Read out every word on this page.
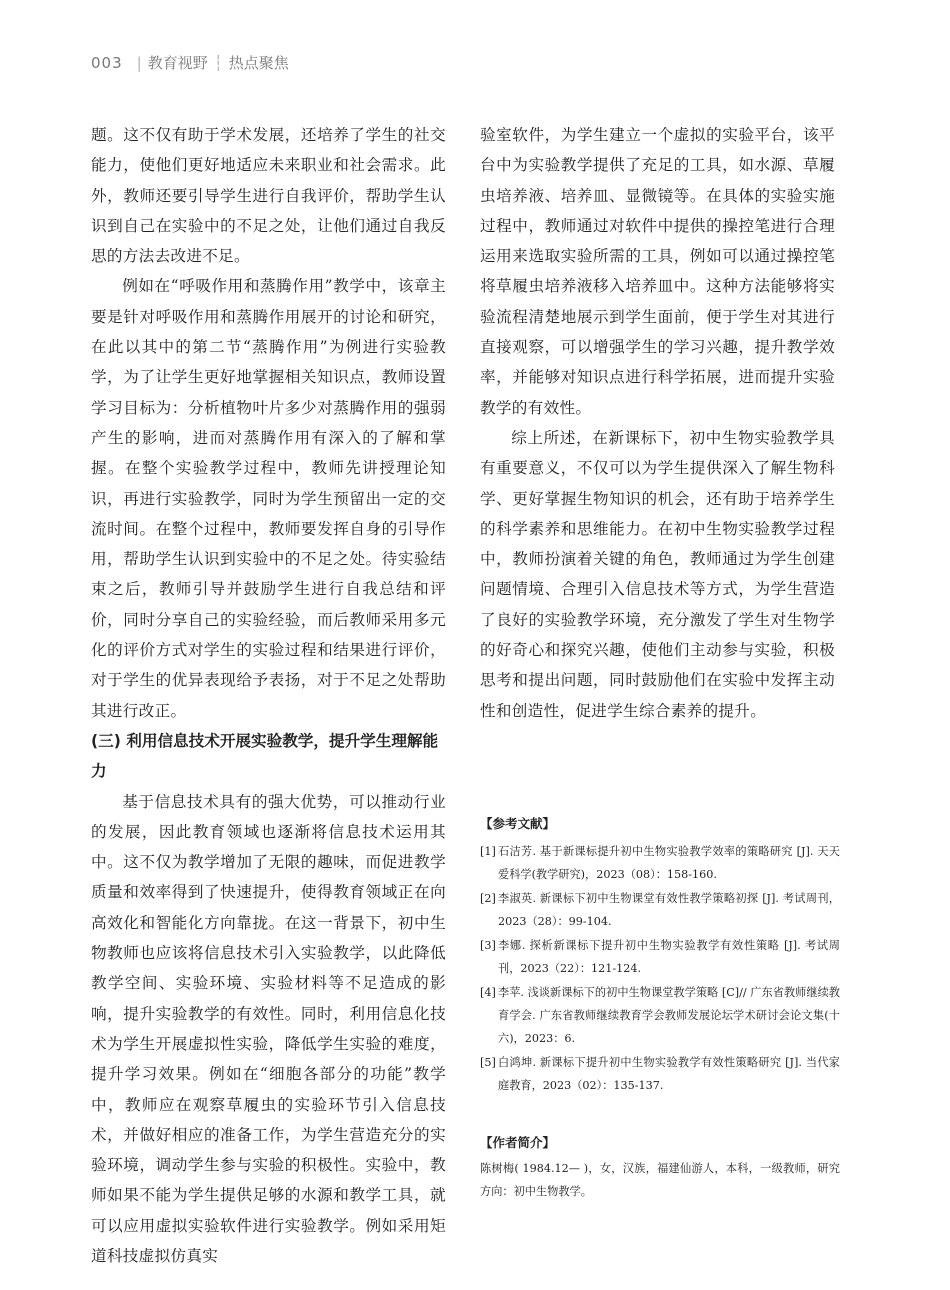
003 | 教育视野 ┆ 热点聚焦

题。这不仅有助于学术发展，还培养了学生的社交能力，使他们更好地适应未来职业和社会需求。此外，教师还要引导学生进行自我评价，帮助学生认识到自己在实验中的不足之处，让他们通过自我反思的方法去改进不足。

例如在“呼吸作用和蒸腾作用”教学中，该章主要是针对呼吸作用和蒸腾作用展开的讨论和研究，在此以其中的第二节“蒸腾作用”为例进行实验教学，为了让学生更好地掌握相关知识点，教师设置学习目标为：分析植物叶片多少对蒸腾作用的强弱产生的影响，进而对蒸腾作用有深入的了解和掌握。在整个实验教学过程中，教师先讲授理论知识，再进行实验教学，同时为学生预留出一定的交流时间。在整个过程中，教师要发挥自身的引导作用，帮助学生认识到实验中的不足之处。待实验结束之后，教师引导并鼓励学生进行自我总结和评价，同时分享自己的实验经验，而后教师采用多元化的评价方式对学生的实验过程和结果进行评价，对于学生的优异表现给予表扬，对于不足之处帮助其进行改正。

(三) 利用信息技术开展实验教学，提升学生理解能力

基于信息技术具有的强大优势，可以推动行业的发展，因此教育领域也逐渐将信息技术运用其中。这不仅为教学增加了无限的趣味，而促进教学质量和效率得到了快速提升，使得教育领域正在向高效化和智能化方向靠拢。在这一背景下，初中生物教师也应该将信息技术引入实验教学，以此降低教学空间、实验环境、实验材料等不足造成的影响，提升实验教学的有效性。同时，利用信息化技术为学生开展虚拟性实验，降低学生实验的难度，提升学习效果。例如在“细胞各部分的功能”教学中，教师应在观察草履虫的实验环节引入信息技术，并做好相应的准备工作，为学生营造充分的实验环境，调动学生参与实验的积极性。实验中，教师如果不能为学生提供足够的水源和教学工具，就可以应用虚拟实验软件进行实验教学。例如采用矩道科技虚拟仿真实

验室软件，为学生建立一个虚拟的实验平台，该平台中为实验教学提供了充足的工具，如水源、草履虫培养液、培养皿、显微镜等。在具体的实验实施过程中，教师通过对软件中提供的操控笔进行合理运用来选取实验所需的工具，例如可以通过操控笔将草履虫培养液移入培养皿中。这种方法能够将实验流程清楚地展示到学生面前，便于学生对其进行直接观察，可以增强学生的学习兴趣，提升教学效率，并能够对知识点进行科学拓展，进而提升实验教学的有效性。

综上所述，在新课标下，初中生物实验教学具有重要意义，不仅可以为学生提供深入了解生物科学、更好掌握生物知识的机会，还有助于培养学生的科学素养和思维能力。在初中生物实验教学过程中，教师扮演着关键的角色，教师通过为学生创建问题情境、合理引入信息技术等方式，为学生营造了良好的实验教学环境，充分激发了学生对生物学的好奇心和探究兴趣，使他们主动参与实验，积极思考和提出问题，同时鼓励他们在实验中发挥主动性和创造性，促进学生综合素养的提升。

【参考文献】
[1] 石洁芳. 基于新课标提升初中生物实验教学效率的策略研究 [J]. 天天爱科学(教学研究)，2023（08）：158-160.
[2] 李淑英. 新课标下初中生物课堂有效性教学策略初探 [J]. 考试周刊，2023（28）：99-104.
[3] 李娜. 探析新课标下提升初中生物实验教学有效性策略 [J]. 考试周刊，2023（22）：121-124.
[4] 李苹. 浅谈新课标下的初中生物课堂教学策略 [C]// 广东省教师继续教育学会. 广东省教师继续教育学会教师发展论坛学术研讨会论文集(十六)，2023：6.
[5] 白鸿坤. 新课标下提升初中生物实验教学有效性策略研究 [J]. 当代家庭教育，2023（02）：135-137.
【作者简介】

陈树梅( 1984.12— )，女，汉族，福建仙游人，本科，一级教师，研究方向：初中生物教学。
